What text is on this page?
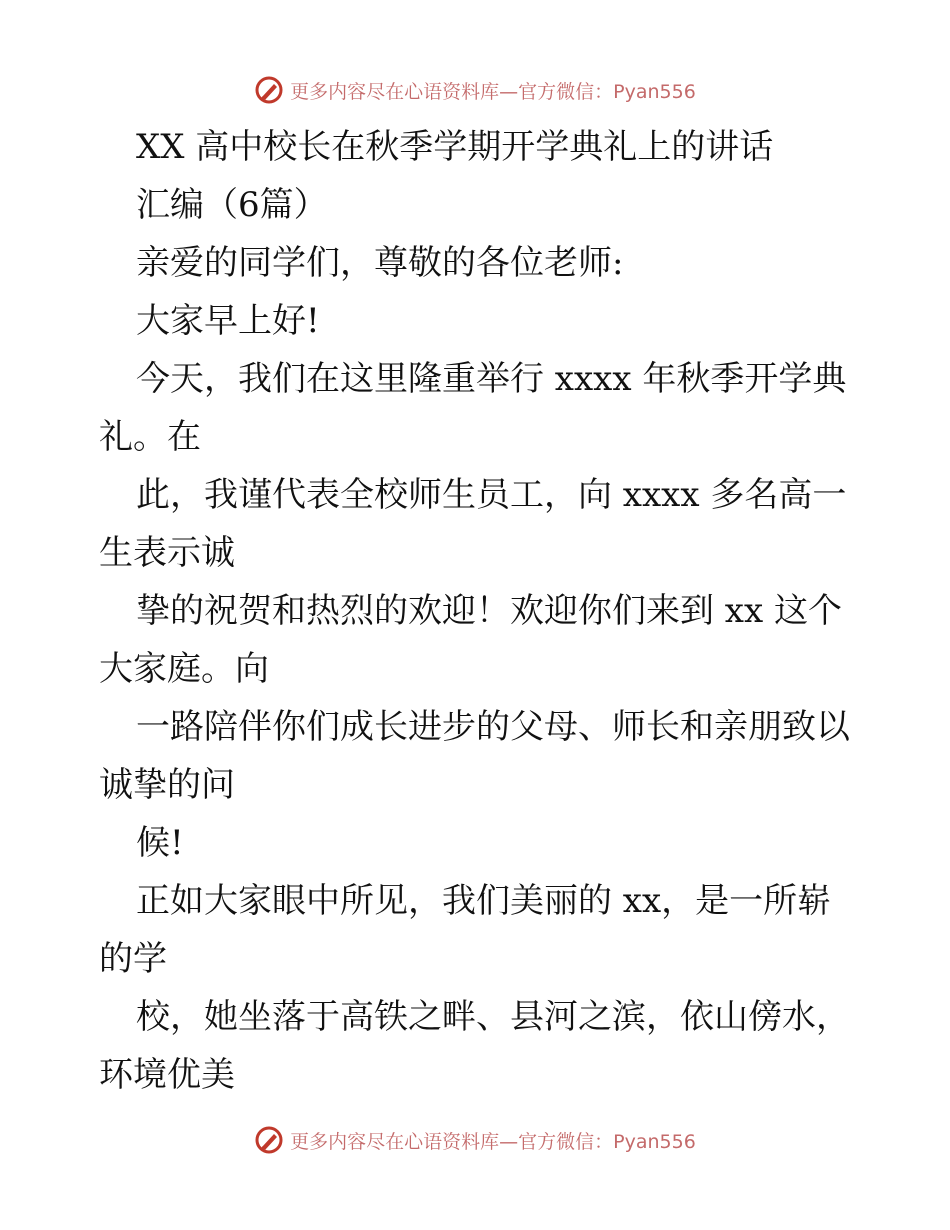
更多内容尽在心语资料库—官方微信：Pyan556
XX 高中校长在秋季学期开学典礼上的讲话
汇编（6篇）
亲爱的同学们，尊敬的各位老师:
大家早上好!
今天，我们在这里隆重举行 xxxx 年秋季开学典
礼。在
此，我谨代表全校师生员工，向 xxxx 多名高一
生表示诚
挚的祝贺和热烈的欢迎！欢迎你们来到 xx 这个
大家庭。向
一路陪伴你们成长进步的父母、师长和亲朋致以
诚挚的问
候!
正如大家眼中所见，我们美丽的 xx，是一所崭
的学
校，她坐落于高铁之畔、县河之滨，依山傍水，
环境优美
更多内容尽在心语资料库—官方微信：Pyan556
